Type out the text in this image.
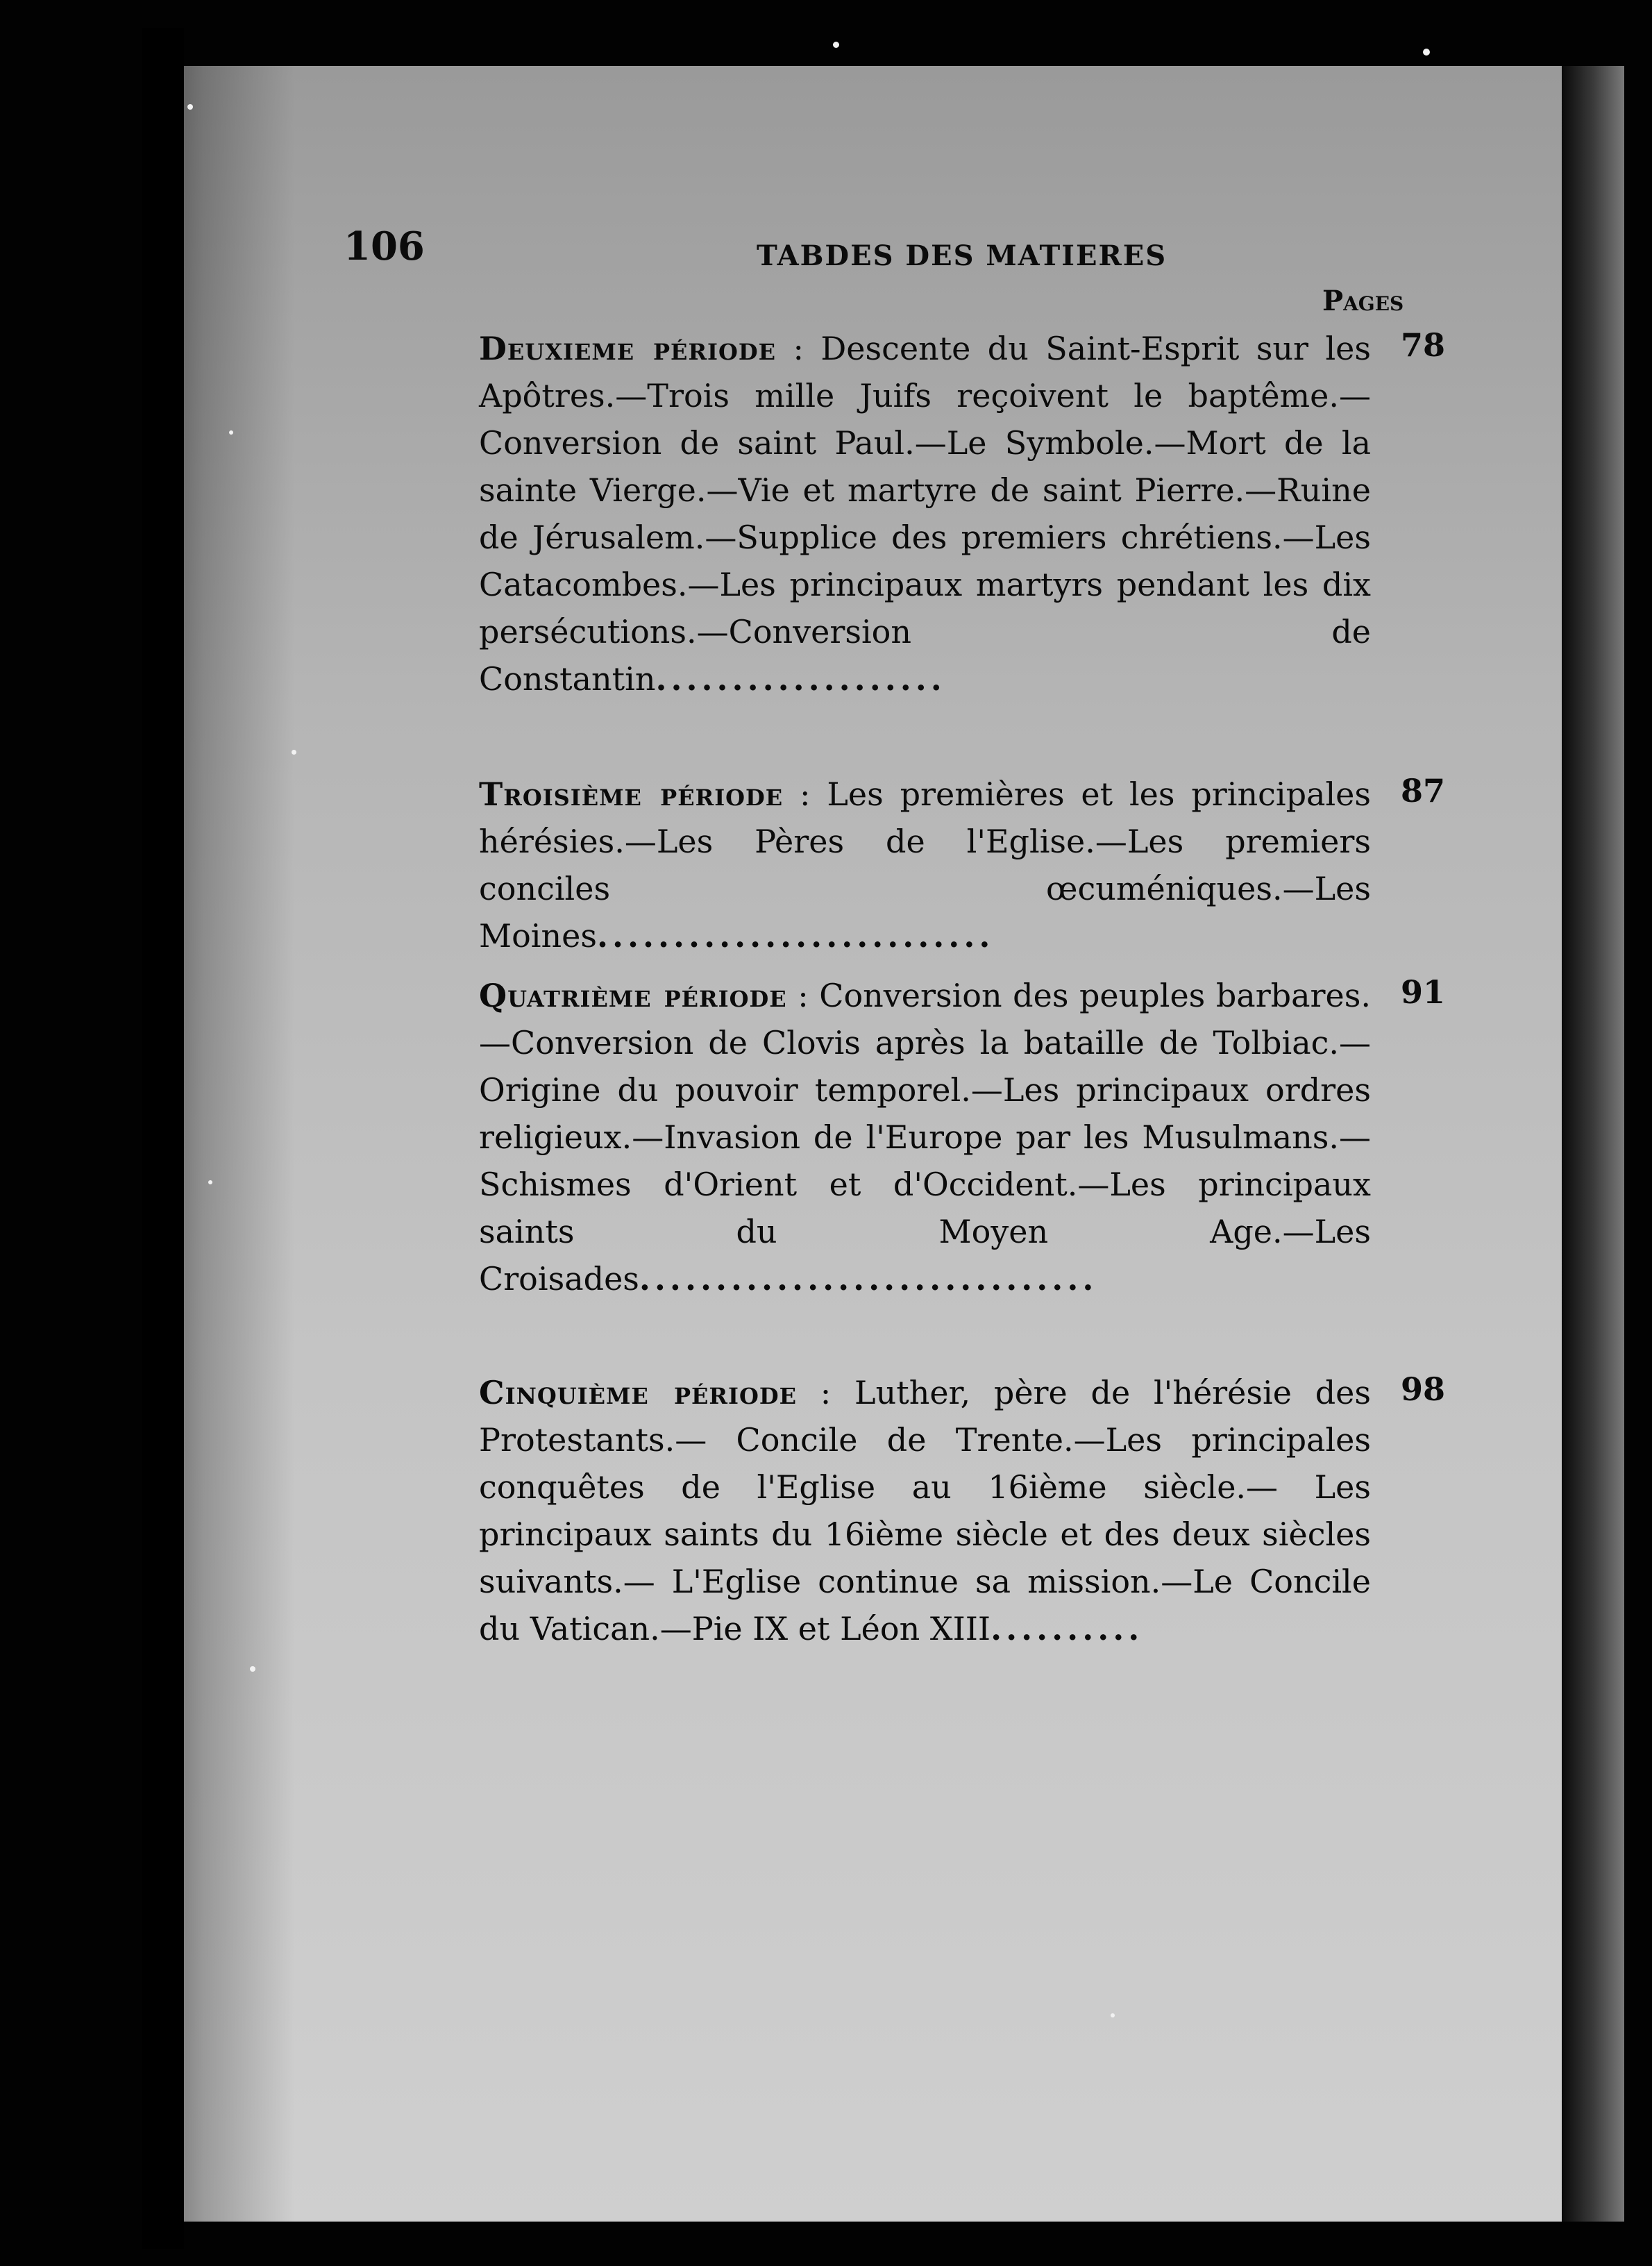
106	TABDES DES MATIERES
Pages
Deuxieme période : Descente du Saint-Esprit sur les Apôtres.—Trois mille Juifs reçoivent le baptême.—Conversion de saint Paul.—Le Symbole.—Mort de la sainte Vierge.—Vie et martyre de saint Pierre.—Ruine de Jérusalem.—Supplice des premiers chrétiens.—Les Catacombes.—Les principaux martyrs pendant les dix persécutions.—Conversion de Constantin...................
78
Troisième période : Les premières et les principales hérésies.—Les Pères de l'Eglise.—Les premiers conciles œcuméniques.—Les Moines..........................
87
Quatrième période : Conversion des peuples barbares.—Conversion de Clovis après la bataille de Tolbiac.—Origine du pouvoir temporel.—Les principaux ordres religieux.—Invasion de l'Europe par les Musulmans.—Schismes d'Orient et d'Occident.—Les principaux saints du Moyen Age.—Les Croisades..............................
91
Cinquième période : Luther, père de l'hérésie des Protestants.— Concile de Trente.—Les principales conquêtes de l'Eglise au 16ième siècle.— Les principaux saints du 16ième siècle et des deux siècles suivants.— L'Eglise continue sa mission.—Le Concile du Vatican.—Pie IX et Léon XIII..........
98
